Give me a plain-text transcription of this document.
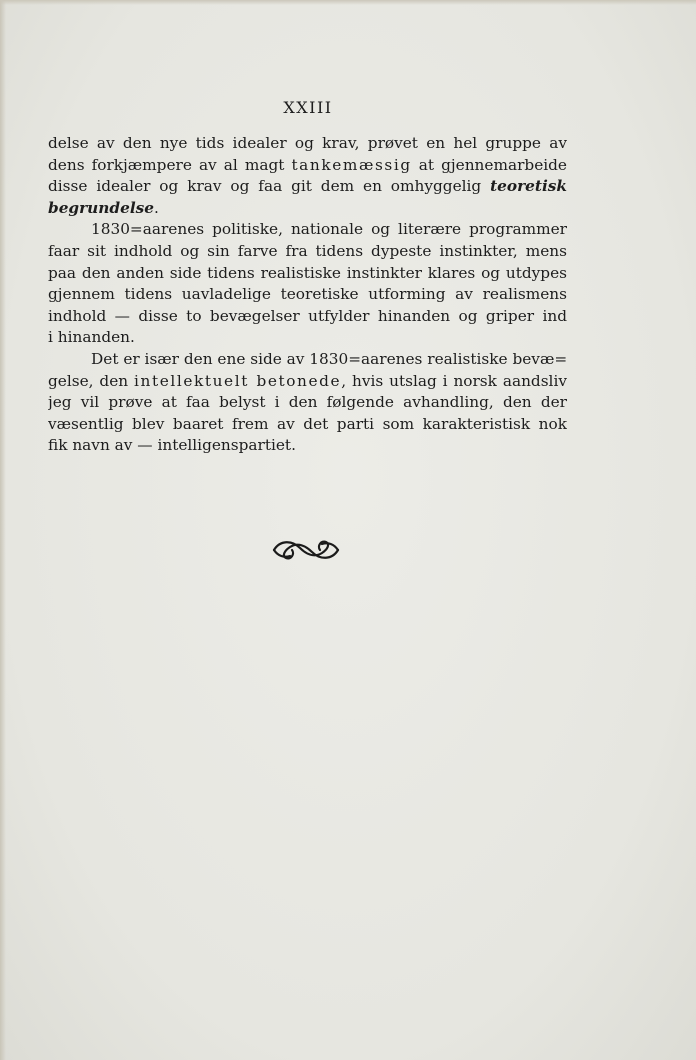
XXIII
delse av den nye tids idealer og krav, prøvet en hel gruppe av
dens forkjæmpere av al magt tankemæssig at gjennemarbeide
disse idealer og krav og faa git dem en omhyggelig teoretisk
begrundelse.
1830=aarenes politiske, nationale og literære programmer
faar sit indhold og sin farve fra tidens dypeste instinkter, mens
paa den anden side tidens realistiske instinkter klares og utdypes
gjennem tidens uavladelige teoretiske utforming av realismens
indhold — disse to bevægelser utfylder hinanden og griper ind
i hinanden.
Det er især den ene side av 1830=aarenes realistiske bevæ=
gelse, den intellektuelt betonede, hvis utslag i norsk aandsliv
jeg vil prøve at faa belyst i den følgende avhandling, den der
væsentlig blev baaret frem av det parti som karakteristisk nok
fik navn av — intelligenspartiet.
